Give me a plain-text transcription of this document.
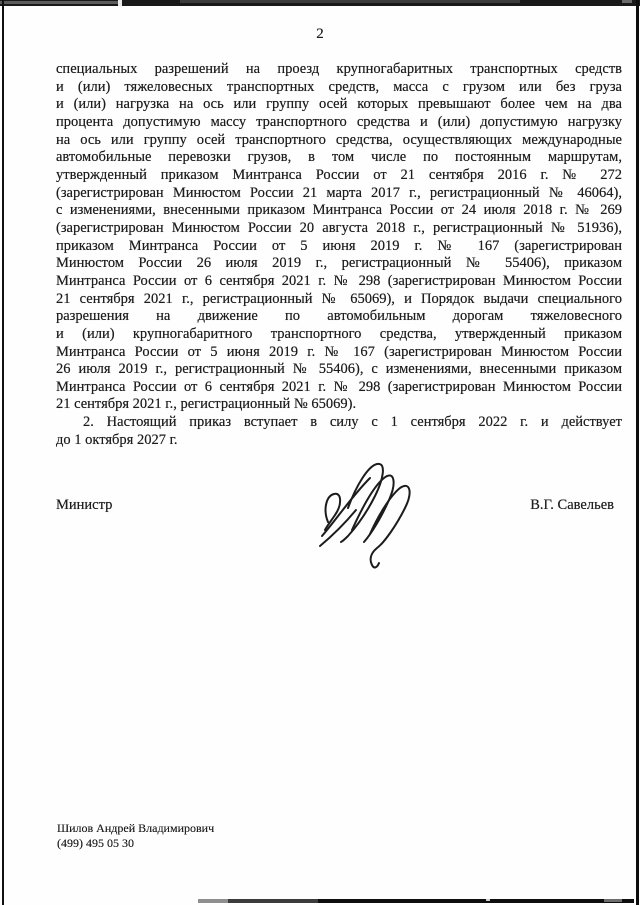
2
специальных разрешений на проезд крупногабаритных транспортных средств
и (или) тяжеловесных транспортных средств, масса с грузом или без груза
и (или) нагрузка на ось или группу осей которых превышают более чем на два
процента допустимую массу транспортного средства и (или) допустимую нагрузку
на ось или группу осей транспортного средства, осуществляющих международные
автомобильные перевозки грузов, в том числе по постоянным маршрутам,
утвержденный приказом Минтранса России от 21 сентября 2016 г. № 272
(зарегистрирован Минюстом России 21 марта 2017 г., регистрационный № 46064),
с изменениями, внесенными приказом Минтранса России от 24 июля 2018 г. № 269
(зарегистрирован Минюстом России 20 августа 2018 г., регистрационный № 51936),
приказом Минтранса России от 5 июня 2019 г. № 167 (зарегистрирован
Минюстом России 26 июля 2019 г., регистрационный № 55406), приказом
Минтранса России от 6 сентября 2021 г. № 298 (зарегистрирован Минюстом России
21 сентября 2021 г., регистрационный № 65069), и Порядок выдачи специального
разрешения на движение по автомобильным дорогам тяжеловесного
и (или) крупногабаритного транспортного средства, утвержденный приказом
Минтранса России от 5 июня 2019 г. № 167 (зарегистрирован Минюстом России
26 июля 2019 г., регистрационный № 55406), с изменениями, внесенными приказом
Минтранса России от 6 сентября 2021 г. № 298 (зарегистрирован Минюстом России
21 сентября 2021 г., регистрационный № 65069).
2. Настоящий приказ вступает в силу с 1 сентября 2022 г. и действует
до 1 октября 2027 г.
Министр	В.Г. Савельев
Шилов Андрей Владимирович
(499) 495 05 30
